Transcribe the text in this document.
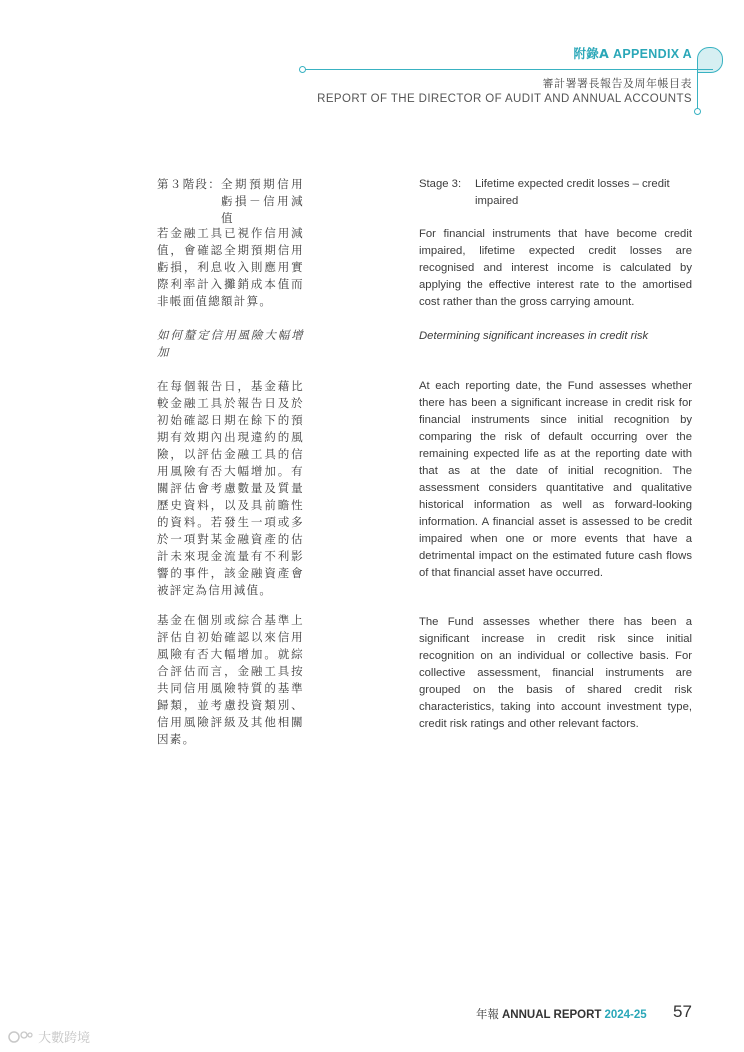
附錄A APPENDIX A
審計署署長報告及周年帳目表
REPORT OF THE DIRECTOR OF AUDIT AND ANNUAL ACCOUNTS
第３階段： 全期預期信用虧損－信用減值
若金融工具已視作信用減值，會確認全期預期信用虧損，利息收入則應用實際利率計入攤銷成本值而非帳面值總額計算。
如何釐定信用風險大幅增加
在每個報告日，基金藉比較金融工具於報告日及於初始確認日期在餘下的預期有效期內出現違約的風險，以評估金融工具的信用風險有否大幅增加。有關評估會考慮數量及質量歷史資料，以及具前瞻性的資料。若發生一項或多於一項對某金融資產的估計未來現金流量有不利影響的事件，該金融資產會被評定為信用減值。
基金在個別或綜合基準上評估自初始確認以來信用風險有否大幅增加。就綜合評估而言，金融工具按共同信用風險特質的基準歸類，並考慮投資類別、信用風險評級及其他相關因素。
Stage 3:	Lifetime expected credit losses – credit impaired
For financial instruments that have become credit impaired, lifetime expected credit losses are recognised and interest income is calculated by applying the effective interest rate to the amortised cost rather than the gross carrying amount.
Determining significant increases in credit risk
At each reporting date, the Fund assesses whether there has been a significant increase in credit risk for financial instruments since initial recognition by comparing the risk of default occurring over the remaining expected life as at the reporting date with that as at the date of initial recognition. The assessment considers quantitative and qualitative historical information as well as forward-looking information. A financial asset is assessed to be credit impaired when one or more events that have a detrimental impact on the estimated future cash flows of that financial asset have occurred.
The Fund assesses whether there has been a significant increase in credit risk since initial recognition on an individual or collective basis. For collective assessment, financial instruments are grouped on the basis of shared credit risk characteristics, taking into account investment type, credit risk ratings and other relevant factors.
年報 ANNUAL REPORT 2024-25 57
大數跨境
